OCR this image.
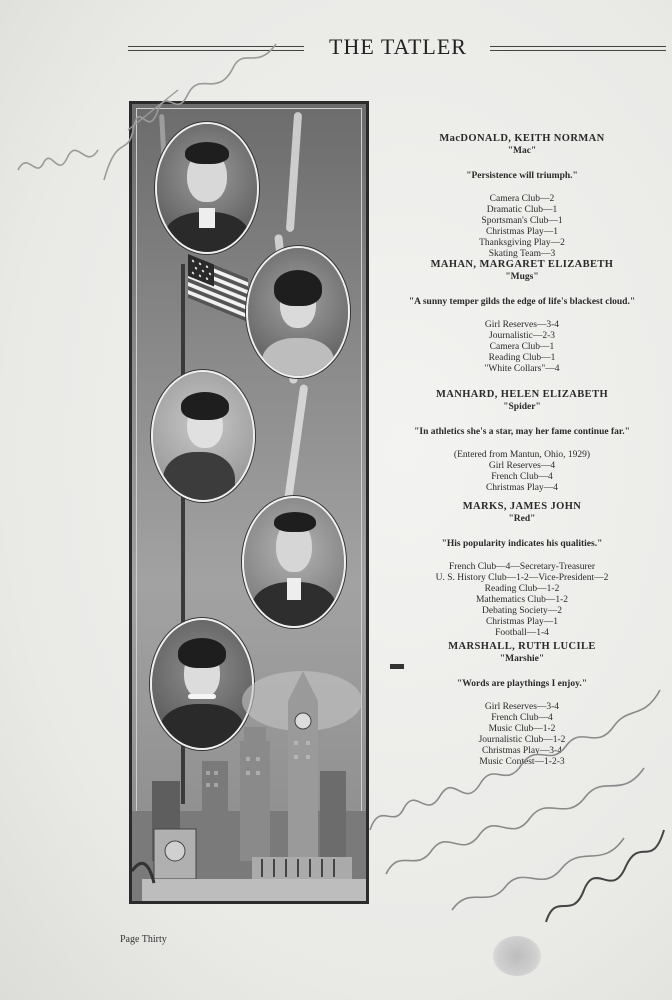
THE TATLER
MacDONALD, KEITH NORMAN
"Mac"
"Persistence will triumph."
Camera Club—2
Dramatic Club—1
Sportsman's Club—1
Christmas Play—1
Thanksgiving Play—2
Skating Team—3
MAHAN, MARGARET ELIZABETH
"Mugs"
"A sunny temper gilds the edge of life's blackest cloud."
Girl Reserves—3-4
Journalistic—2-3
Camera Club—1
Reading Club—1
"White Collars"—4
MANHARD, HELEN ELIZABETH
"Spider"
"In athletics she's a star, may her fame continue far."
(Entered from Mantun, Ohio, 1929)
Girl Reserves—4
French Club—4
Christmas Play—4
MARKS, JAMES JOHN
"Red"
"His popularity indicates his qualities."
French Club—4—Secretary-Treasurer
U. S. History Club—1-2—Vice-President—2
Reading Club—1-2
Mathematics Club—1-2
Debating Society—2
Christmas Play—1
Football—1-4
MARSHALL, RUTH LUCILE
"Marshie"
"Words are playthings I enjoy."
Girl Reserves—3-4
French Club—4
Music Club—1-2
Journalistic Club—1-2
Christmas Play—3-4
Music Contest—1-2-3
Page Thirty
